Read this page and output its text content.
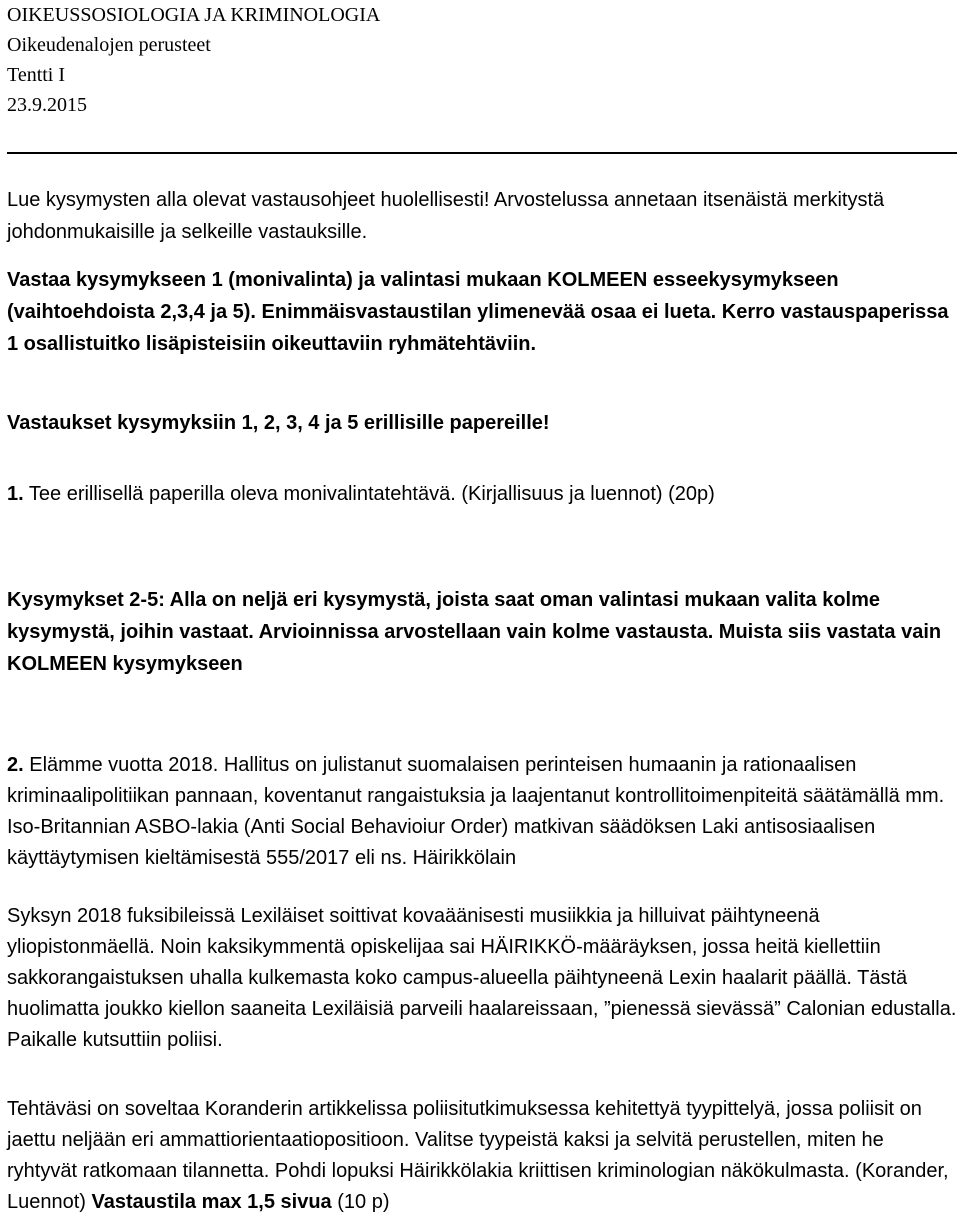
OIKEUSSOSIOLOGIA JA KRIMINOLOGIA
Oikeudenalojen perusteet
Tentti I
23.9.2015

Lue kysymysten alla olevat vastausohjeet huolellisesti! Arvostelussa annetaan itsenäistä merkitystä johdonmukaisille ja selkeille vastauksille.

Vastaa kysymykseen 1 (monivalinta) ja valintasi mukaan KOLMEEN esseekysymykseen (vaihtoehdoista 2,3,4 ja 5). Enimmäisvastaustilan ylimenevää osaa ei lueta. Kerro vastauspaperissa 1 osallistuitko lisäpisteisiin oikeuttaviin ryhmätehtäviin.

Vastaukset kysymyksiin 1, 2, 3, 4 ja 5 erillisille papereille!

1. Tee erillisellä paperilla oleva monivalintatehtävä. (Kirjallisuus ja luennot) (20p)

Kysymykset 2-5: Alla on neljä eri kysymystä, joista saat oman valintasi mukaan valita kolme kysymystä, joihin vastaat. Arvioinnissa arvostellaan vain kolme vastausta. Muista siis vastata vain KOLMEEN kysymykseen

2. Elämme vuotta 2018. Hallitus on julistanut suomalaisen perinteisen humaanin ja rationaalisen kriminaalipolitiikan pannaan, koventanut rangaistuksia ja laajentanut kontrollitoimenpiteitä säätämällä mm. Iso-Britannian ASBO-lakia (Anti Social Behavioiur Order) matkivan säädöksen Laki antisosiaalisen käyttäytymisen kieltämisestä 555/2017 eli ns. Häirikkölain

Syksyn 2018 fuksibileissä Lexiläiset soittivat kovaäänisesti musiikkia ja hilluivat päihtyneenä yliopistonmäellä. Noin kaksikymmentä opiskelijaa sai HÄIRIKKÖ-määräyksen, jossa heitä kiellettiin sakkorangaistuksen uhalla kulkemasta koko campus-alueella päihtyneenä Lexin haalarit päällä. Tästä huolimatta joukko kiellon saaneita Lexiläisiä parveili haalareissaan, ”pienessä sievässä” Calonian edustalla. Paikalle kutsuttiin poliisi.

Tehtäväsi on soveltaa Koranderin artikkelissa poliisitutkimuksessa kehitettyä tyypittelyä, jossa poliisit on jaettu neljään eri ammattiorientaatiopositioon. Valitse tyypeistä kaksi ja selvitä perustellen, miten he ryhtyvät ratkomaan tilannetta. Pohdi lopuksi Häirikkölakia kriittisen kriminologian näkökulmasta. (Korander, Luennot) Vastaustila max 1,5 sivua (10 p)
